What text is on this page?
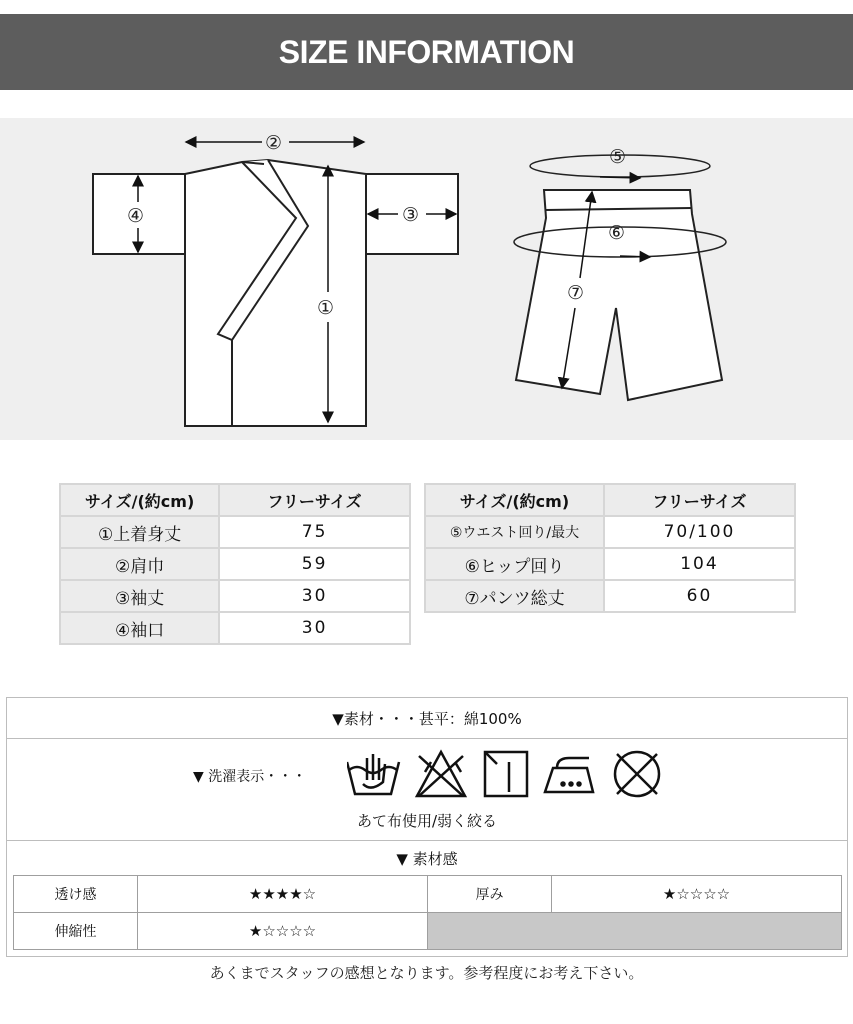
SIZE INFORMATION
②
④	③
①
⑤
⑥
⑦
サイズ/(約cm)	フリーサイズ
①上着身丈	75
②肩巾	59
③袖丈	30
④袖口	30
サイズ/(約cm)	フリーサイズ
⑤ウエスト回り/最大	70/100
⑥ヒップ回り	104
⑦パンツ総丈	60
▼素材・・・甚平：綿100%
▼ 洗濯表示・・・
あて布使用/弱く絞る
▼ 素材感
透け感	★★★★☆	厚み	★☆☆☆☆
伸縮性	★☆☆☆☆		
あくまでスタッフの感想となります。参考程度にお考え下さい。
